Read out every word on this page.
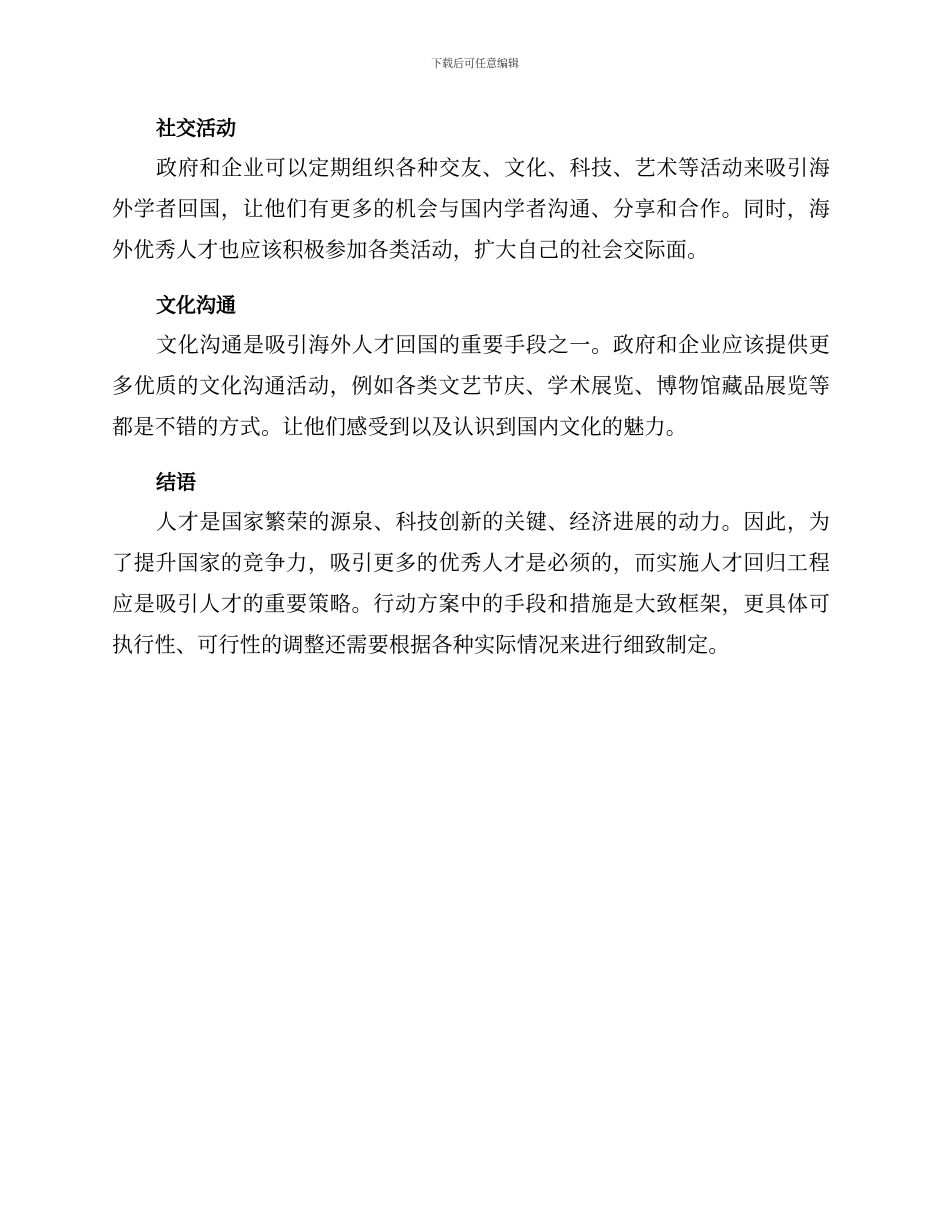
下载后可任意编辑
社交活动

政府和企业可以定期组织各种交友、文化、科技、艺术等活动来吸引海外学者回国，让他们有更多的机会与国内学者沟通、分享和合作。同时，海外优秀人才也应该积极参加各类活动，扩大自己的社会交际面。

文化沟通

文化沟通是吸引海外人才回国的重要手段之一。政府和企业应该提供更多优质的文化沟通活动，例如各类文艺节庆、学术展览、博物馆藏品展览等都是不错的方式。让他们感受到以及认识到国内文化的魅力。

结语

人才是国家繁荣的源泉、科技创新的关键、经济进展的动力。因此，为了提升国家的竞争力，吸引更多的优秀人才是必须的，而实施人才回归工程应是吸引人才的重要策略。行动方案中的手段和措施是大致框架，更具体可执行性、可行性的调整还需要根据各种实际情况来进行细致制定。
